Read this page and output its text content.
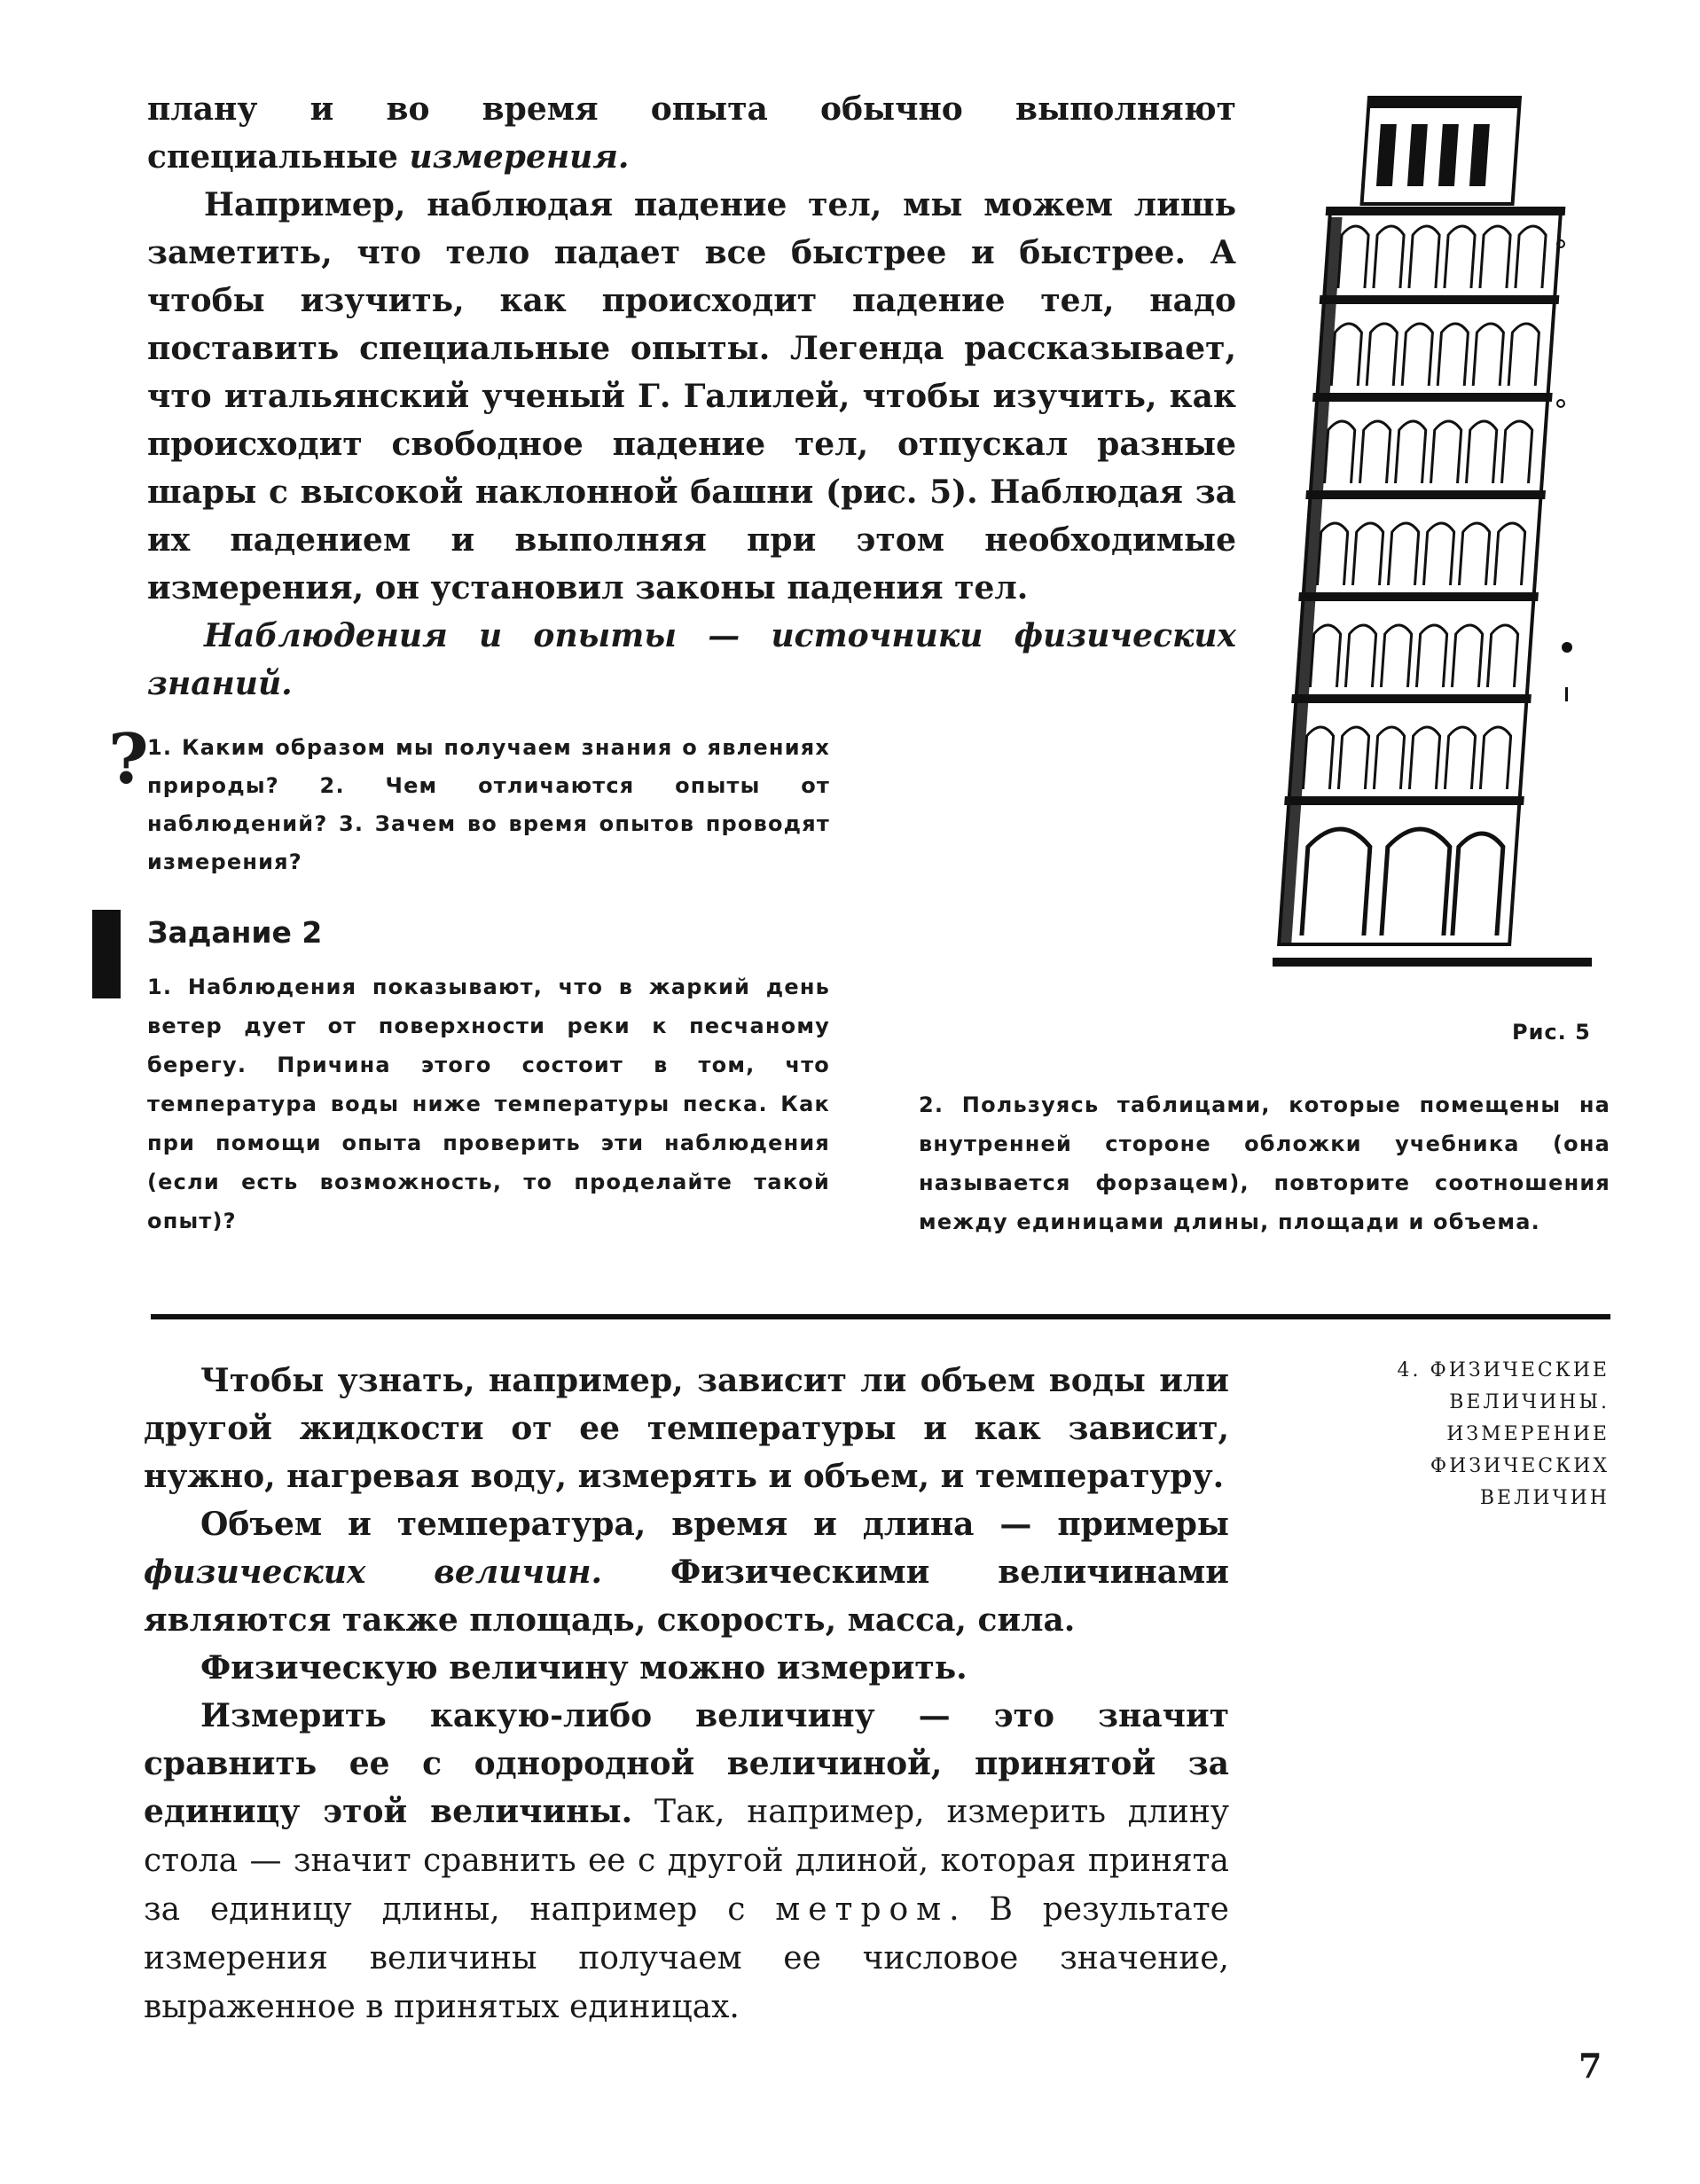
плану и во время опыта обычно выполняют специальные измерения.

Например, наблюдая падение тел, мы можем лишь заметить, что тело падает все быстрее и быстрее. А чтобы изучить, как происходит падение тел, надо поставить специальные опыты. Легенда рассказывает, что итальянский ученый Г. Галилей, чтобы изучить, как происходит свободное падение тел, отпускал разные шары с высокой наклонной башни (рис. 5). Наблюдая за их падением и выполняя при этом необходимые измерения, он установил законы падения тел.

Наблюдения и опыты — источники физических знаний.

Рис. 5
?
1. Каким образом мы получаем знания о явлениях природы? 2. Чем отличаются опыты от наблюдений? 3. Зачем во время опытов проводят измерения?
Задание 2
1. Наблюдения показывают, что в жаркий день ветер дует от поверхности реки к песчаному берегу. Причина этого состоит в том, что температура воды ниже температуры песка. Как при помощи опыта проверить эти наблюдения (если есть возможность, то проделайте такой опыт)?
2. Пользуясь таблицами, которые помещены на внутренней стороне обложки учебника (она называется форзацем), повторите соотношения между единицами длины, площади и объема.
4. ФИЗИЧЕСКИЕ
ВЕЛИЧИНЫ.
ИЗМЕРЕНИЕ
ФИЗИЧЕСКИХ
ВЕЛИЧИН

Чтобы узнать, например, зависит ли объем воды или другой жидкости от ее температуры и как зависит, нужно, нагревая воду, измерять и объем, и температуру.

Объем и температура, время и длина — примеры физических величин. Физическими величинами являются также площадь, скорость, масса, сила.

Физическую величину можно измерить.

Измерить какую-либо величину — это значит сравнить ее с однородной величиной, принятой за единицу этой величины. Так, например, измерить длину стола — значит сравнить ее с другой длиной, которая принята за единицу длины, например с метром. В результате измерения величины получаем ее числовое значение, выраженное в принятых единицах.

7
